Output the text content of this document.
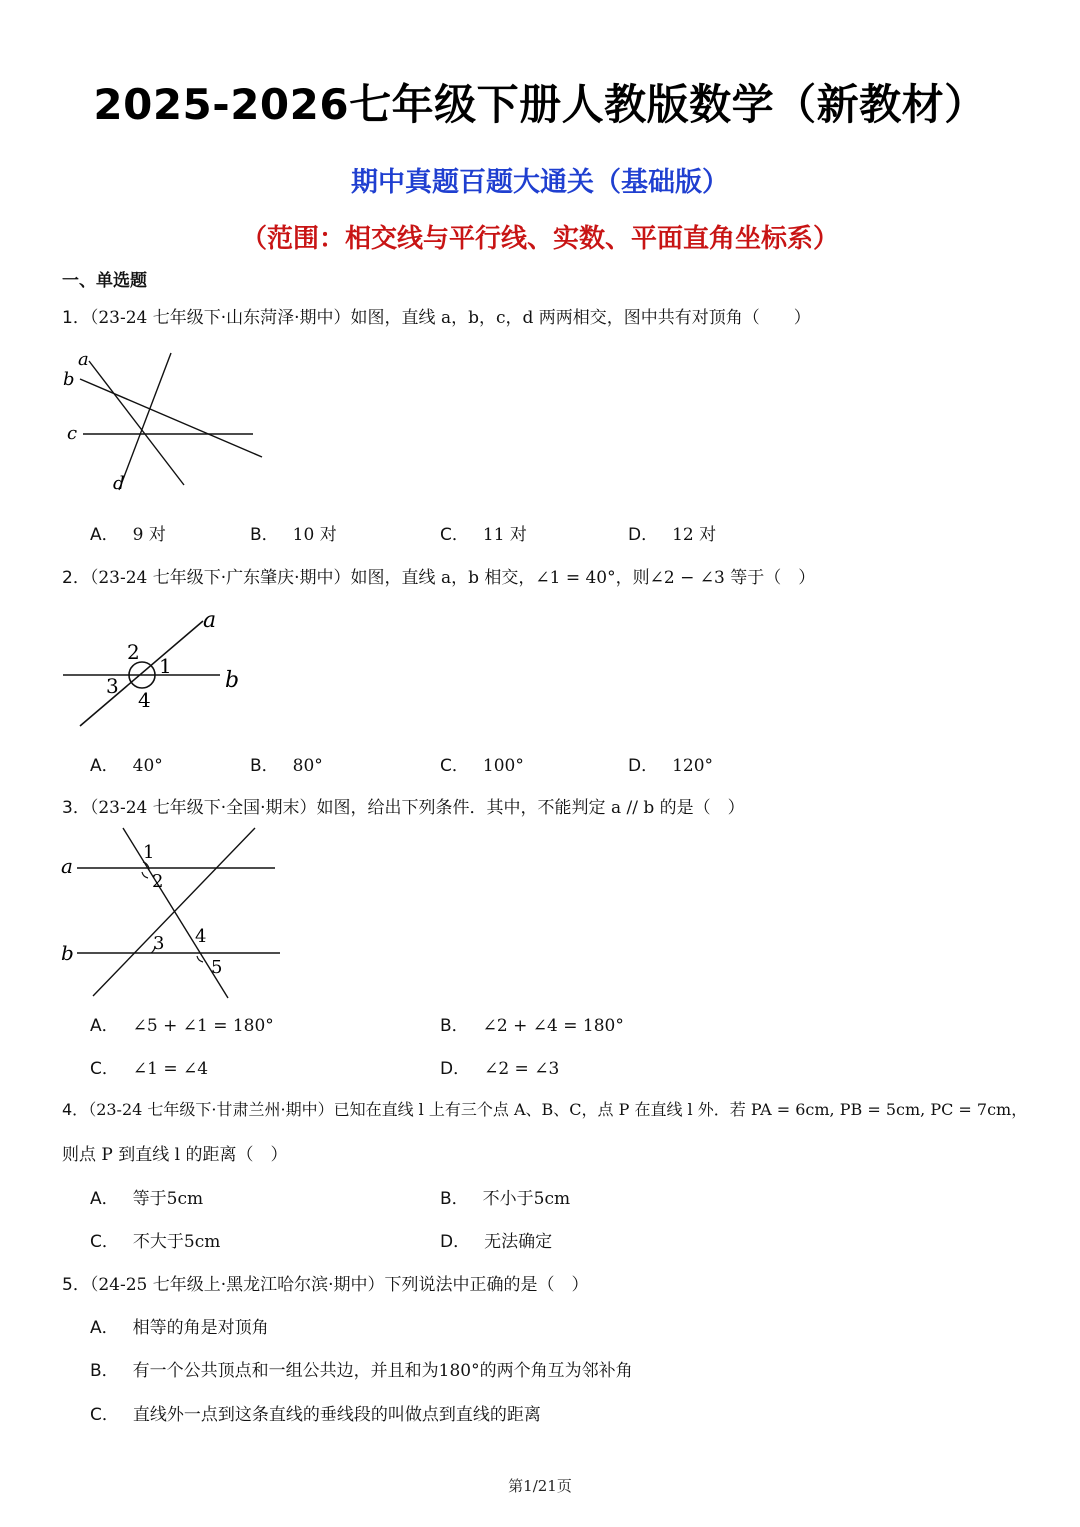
2025-2026七年级下册人教版数学（新教材）
期中真题百题大通关（基础版）
（范围：相交线与平行线、实数、平面直角坐标系）
一、单选题
1．（23-24 七年级下·山东菏泽·期中）如图，直线 a，b，c，d 两两相交，图中共有对顶角（　　）
a
b
c
d
A． 9 对	B． 10 对	C． 11 对	D． 12 对
2．（23-24 七年级下·广东肇庆·期中）如图，直线 a，b 相交，∠1 = 40°，则∠2 − ∠3 等于（　）
a
b
1
2
3
4
A． 40°	B． 80°	C． 100°	D． 120°
3．（23-24 七年级下·全国·期末）如图，给出下列条件．其中，不能判定 a // b 的是（　）
a
b
1
2
3 4
5
A． ∠5 + ∠1 = 180°	B． ∠2 + ∠4 = 180°
C． ∠1 = ∠4	D． ∠2 = ∠3
4．（23-24 七年级下·甘肃兰州·期中）已知在直线 l 上有三个点 A、B、C，点 P 在直线 l 外．若 PA = 6cm, PB = 5cm, PC = 7cm，
则点 P 到直线 l 的距离（　）
A． 等于5cm	B． 不小于5cm
C． 不大于5cm	D． 无法确定
5．（24-25 七年级上·黑龙江哈尔滨·期中）下列说法中正确的是（　）
A． 相等的角是对顶角
B． 有一个公共顶点和一组公共边，并且和为180°的两个角互为邻补角
C． 直线外一点到这条直线的垂线段的叫做点到直线的距离
第1/21页
